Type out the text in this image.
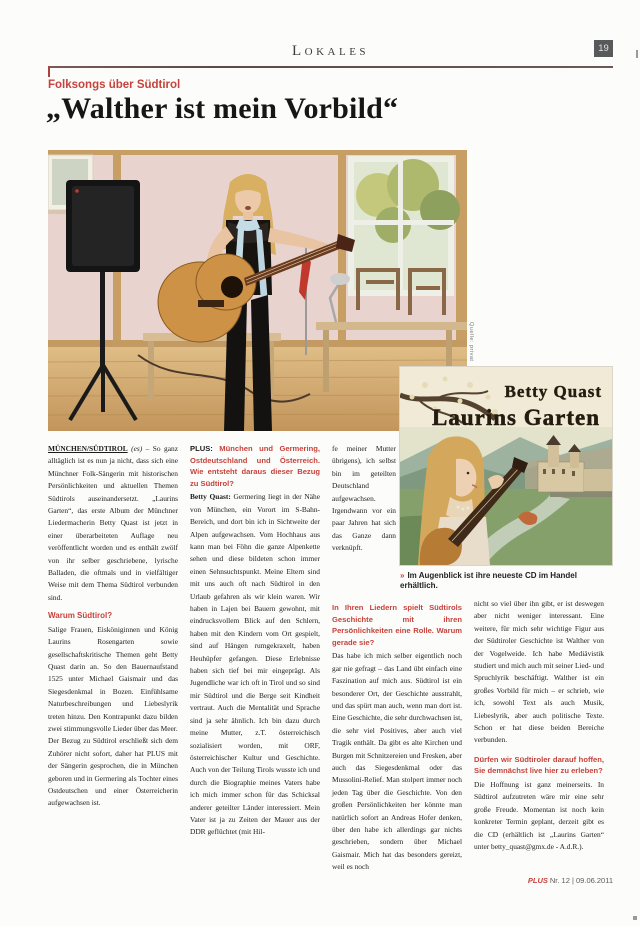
LOKALES	19
Folksongs über Südtirol
„Walther ist mein Vorbild“
Quelle: privat
Betty Quast
Laurins Garten
» Im Augenblick ist ihre neueste CD im Handel erhältlich.

MÜNCHEN/SÜDTIROL (es) – So ganz alltäglich ist es nun ja nicht, dass sich eine Münchner Folk-Sängerin mit historischen Persönlichkeiten und aktuellen Themen Südtirols auseinandersetzt. „Laurins Garten“, das erste Album der Münchner Liedermacherin Betty Quast ist jetzt in einer überarbeiteten Auflage neu veröffentlicht worden und es enthält zwölf von ihr selber geschriebene, lyrische Balladen, die oftmals und in vielfältiger Weise mit dem Thema Südtirol verbunden sind.

Warum Südtirol?

Salige Frauen, Eisköniginnen und König Laurins Rosengarten sowie gesellschaftskritische Themen geht Betty Quast darin an. So den Bauernaufstand 1525 unter Michael Gaismair und das Siegesdenkmal in Bozen. Einfühlsame Naturbeschreibungen und Liebeslyrik treten hinzu. Den Kontrapunkt dazu bilden zwei stimmungsvolle Lieder über das Meer.

Der Bezug zu Südtirol erschließt sich dem Zuhörer nicht sofort, daher hat PLUS mit der Sängerin gesprochen, die in München geboren und in Germering als Tochter eines Ostdeutschen und einer Österreicherin aufgewachsen ist.

PLUS: München und Germering, Ostdeutschland und Österreich. Wie entsteht daraus dieser Bezug zu Südtirol?

Betty Quast: Germering liegt in der Nähe von München, ein Vorort im S-Bahn-Bereich, und dort bin ich in Sichtweite der Alpen aufgewachsen. Vom Hochhaus aus kann man bei Föhn die ganze Alpenkette sehen und diese bildeten schon immer einen Sehnsuchtspunkt. Meine Eltern sind mit uns auch oft nach Südtirol in den Urlaub gefahren als wir klein waren. Wir haben in Lajen bei Bauern gewohnt, mit eindrucksvollem Blick auf den Schlern, haben mit den Kindern vom Ort gespielt, sind auf Hängen rumgekraxelt, haben Heuhüpfer gefangen. Diese Erlebnisse haben sich tief bei mir eingeprägt. Als Jugendliche war ich oft in Tirol und so sind mir Südtirol und die Berge seit Kindheit vertraut. Auch die Mentalität und Sprache sind ja sehr ähnlich. Ich bin dazu durch meine Mutter, z.T. österreichisch sozialisiert worden, mit ORF, österreichischer Kultur und Geschichte. Auch von der Teilung Tirols wusste ich und durch die Biographie meines Vaters habe ich mich immer schon für das Schicksal anderer geteilter Länder interessiert. Mein Vater ist ja zu Zeiten der Mauer aus der DDR geflüchtet (mit Hil-

fe meiner Mutter übrigens), ich selbst bin im geteilten Deutschland aufgewachsen. Irgendwann vor ein paar Jahren hat sich das Ganze dann verknüpft.

In Ihren Liedern spielt Südtirols Geschichte mit ihren Persönlichkeiten eine Rolle. Warum gerade sie?

Das habe ich mich selber eigentlich noch gar nie gefragt – das Land übt einfach eine Faszination auf mich aus. Südtirol ist ein besonderer Ort, der Geschichte ausstrahlt, und das spürt man auch, wenn man dort ist. Eine Geschichte, die sehr durchwachsen ist, die sehr viel Positives, aber auch viel Tragik enthält. Da gibt es alte Kirchen und Burgen mit Schnitzereien und Fresken, aber auch das Siegesdenkmal oder das Mussolini-Relief. Man stolpert immer noch jeden Tag über die Geschichte. Von den großen Persönlichkeiten her könnte man natürlich sofort an Andreas Hofer denken, über den habe ich allerdings gar nichts geschrieben, sondern über Michael Gaismair. Mich hat das besonders gereizt, weil es noch

nicht so viel über ihn gibt, er ist deswegen aber nicht weniger interessant. Eine weitere, für mich sehr wichtige Figur aus der Südtiroler Geschichte ist Walther von der Vogelweide. Ich habe Mediävistik studiert und mich auch mit seiner Lied- und Spruchlyrik beschäftigt. Walther ist ein großes Vorbild für mich – er schrieb, wie ich, sowohl Text als auch Musik, Liebeslyrik, aber auch politische Texte. Schon er hat diese beiden Bereiche verbunden.

Dürfen wir Südtiroler darauf hoffen, Sie demnächst live hier zu erleben?

Die Hoffnung ist ganz meinerseits. In Südtirol aufzutreten wäre mir eine sehr große Freude. Momentan ist noch kein konkreter Termin geplant, derzeit gibt es die CD (erhältlich ist „Laurins Garten“ unter betty_quast@gmx.de - A.d.R.).

PLUS Nr. 12 | 09.06.2011
